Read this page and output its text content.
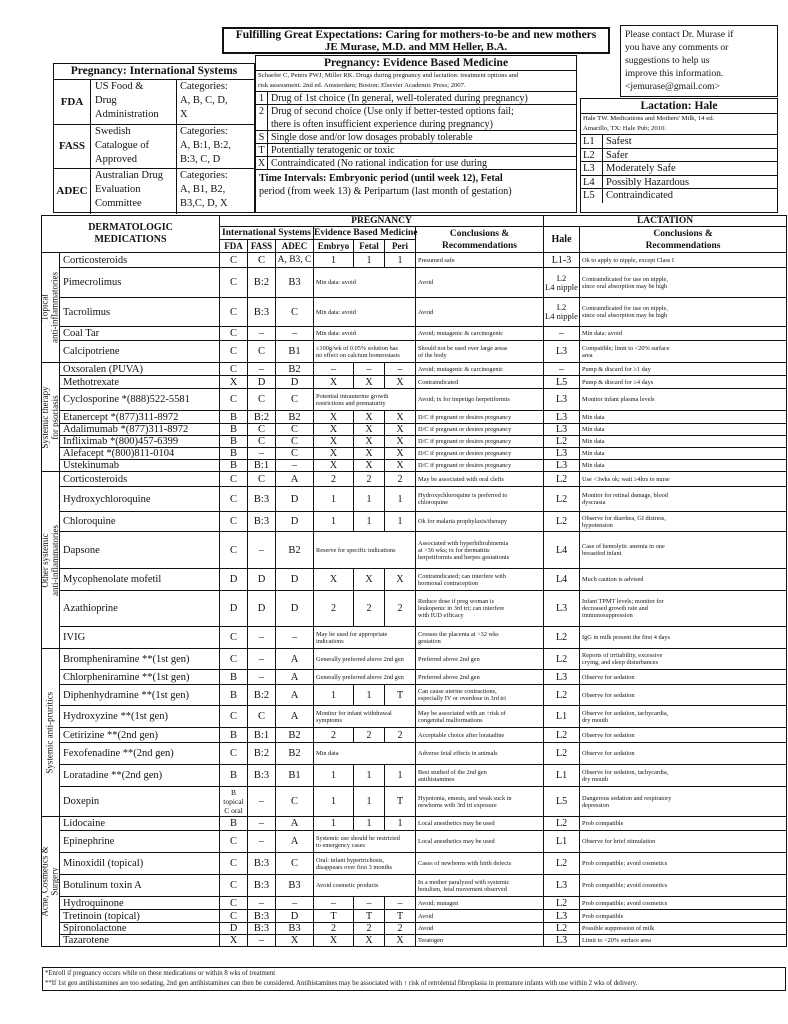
Fulfilling Great Expectations: Caring for mothers-to-be and new mothers
JE Murase, M.D. and MM Heller, B.A.
Please contact Dr. Murase if
you have any comments or
suggestions to help us
improve this information.
<jemurase@gmail.com>
Pregnancy: International Systems
FDA
US Food &
Drug
Administration
Categories:
A, B, C, D,
X
FASS
Swedish
Catalogue of
Approved
Categories:
A, B:1, B:2,
B:3, C, D
ADEC
Australian Drug
Evaluation
Committee
Categories:
A, B1, B2,
B3,C, D, X
Pregnancy: Evidence Based Medicine
Schaefer C, Peters PWJ, Miller RK. Drugs during pregnancy and lactation: treatment options and
risk assessment. 2nd ed. Amsterdam; Boston: Elsevier Academic Press; 2007.
1 Drug of 1st choice (In general, well-tolerated during pregnancy)
2 Drug of second choice (Use only if better-tested options fail;
there is often insufficient experience during pregnancy)
S Single dose and/or low dosages probably tolerable
T Potentially teratogenic or toxic
X Contraindicated (No rational indication for use during
Time Intervals: Embryonic period (until week 12), Fetal
period (from week 13) & Peripartum (last month of gestation)
Lactation: Hale
Hale TW. Medications and Mothers' Milk, 14 ed.
Amarillo, TX: Hale Pub; 2010.
L1	Safest
L2	Safer
L3	Moderately Safe
L4	Possibly Hazardous
L5	Contraindicated
DERMATOLOGIC
MEDICATIONS		PREGNANCY							LACTATION	
		International Systems			Evidence Based Medicine			Conclusions &
Recommendations	Hale	Conclusions &
Recommendations
		FDA	FASS	ADEC	Embryo	Fetal	Peri			

Topical
anti-inflammatories	Corticosteroids	C	C	A, B3, C	1	1	1	Presumed safe	L1-3	Ok to apply to nipple, except Class I
	Pimecrolimus	C	B:2	B3	Min data: avoid			Avoid	L2
L4 nipple	Contraindicated for use on nipple,
since oral absorption may be high
	Tacrolimus	C	B:3	C	Min data: avoid			Avoid	L2
L4 nipple	Contraindicated for use on nipple,
since oral absorption may be high
	Coal Tar	C	–	–	Min data: avoid			Avoid; mutagenic & carcinogenic	–	Min data: avoid
	Calcipotriene	C	C	B1	≤100g/wk of 0.05% solution has
no effect on calcium homeostasis			Should not be used over large areas
of the body	L3	Compatible; limit to <20% surface
area

Systemic therapy
for psoriasis	Oxsoralen (PUVA)	C	–	B2	–	–	–	Avoid; mutagenic & carcinogenic	–	Pump & discard for ≥1 day
	Methotrexate	X	D	D	X	X	X	Contraindicated	L5	Pump & discard for ≥4 days
	Cyclosporine *(888)522-5581	C	C	C	Potential intrauterine growth
restrictions and prematurity			Avoid; tx for impetigo herpetiformis	L3	Monitor infant plasma levels
	Etanercept *(877)311-8972	B	B:2	B2	X	X	X	D/C if pregnant or desires pregnancy	L3	Min data
	Adalimumab *(877)311-8972	B	C	C	X	X	X	D/C if pregnant or desires pregnancy	L3	Min data
	Infliximab *(800)457-6399	B	C	C	X	X	X	D/C if pregnant or desires pregnancy	L2	Min data
	Alefacept *(800)811-0104	B	–	C	X	X	X	D/C if pregnant or desires pregnancy	L3	Min data
	Ustekinumab	B	B:1	–	X	X	X	D/C if pregnant or desires pregnancy	L3	Min data

Other systemic
anti-inflammatories	Corticosteroids	C	C	A	2	2	2	May be associated with oral clefts	L2	Use <3wks ok; wait ≥4hrs to nurse
	Hydroxychloroquine	C	B:3	D	1	1	1	Hydroxychloroquine is preferred to
chloroquine	L2	Monitor for retinal damage, blood
dyscrasia
	Chloroquine	C	B:3	D	1	1	1	Ok for malaria prophylaxis/therapy	L2	Observe for diarrhea, GI distress,
hypotension
	Dapsone	C	–	B2	Reserve for specific indications			Associated with hyperbilirubinemia
at >36 wks; tx for dermatitis
herpetiformis and herpes gestationis	L4	Case of hemolytic anemia in one
breastfed infant
	Mycophenolate mofetil	D	D	D	X	X	X	Contraindicated; can interfere with
hormonal contraception	L4	Much caution is advised
	Azathioprine	D	D	D	2	2	2	Reduce dose if preg woman is
leukopenic in 3rd tri; can interfere
with IUD efficacy	L3	Infant TPMT levels; monitor for
decreased growth rate and
immunosuppression
	IVIG	C	–	–	May be used for appropriate
indications			Crosses the placenta at >32 wks
gestation	L2	IgG in milk present the first 4 days

Systemic anti-pruritics	Brompheniramine **(1st gen)	C	–	A	Generally preferred above 2nd gen			Preferred above 2nd gen	L2	Reports of irritability, excessive
crying, and sleep disturbances
	Chlorpheniramine **(1st gen)	B	–	A	Generally preferred above 2nd gen			Preferred above 2nd gen	L3	Observe for sedation
	Diphenhydramine **(1st gen)	B	B:2	A	1	1	T	Can cause uterine contractions,
especially IV or overdose in 3rd tri	L2	Observe for sedation
	Hydroxyzine **(1st gen)	C	C	A	Monitor for infant withdrawal
symptoms			May be associated with an ↑risk of
congenital malformations	L1	Observe for sedation, tachycardia,
dry mouth
	Cetirizine **(2nd gen)	B	B:1	B2	2	2	2	Acceptable choice after loratadine	L2	Observe for sedation
	Fexofenadine **(2nd gen)	C	B:2	B2	Min data			Adverse fetal effects in animals	L2	Observe for sedation
	Loratadine **(2nd gen)	B	B:3	B1	1	1	1	Best studied of the 2nd gen
antihistamines	L1	Observe for sedation, tachycardia,
dry mouth
	Doxepin	B topical
C oral	–	C	1	1	T	Hypotonia, emesis, and weak suck in
newborns with 3rd tri exposure	L5	Dangerous sedation and respiratory
depression

Acne, Cosmetics &
Surgery	Lidocaine	B	–	A	1	1	1	Local anesthetics may be used	L2	Prob compatible
	Epinephrine	C	–	A	Systemic use should be restricted
to emergency cases			Local anesthetics may be used	L1	Observe for brief stimulation
	Minoxidil (topical)	C	B:3	C	Oral: infant hypertrichosis,
disappears over first 3 months			Cases of newborns with birth defects	L2	Prob compatible; avoid cosmetics
	Botulinum toxin A	C	B:3	B3	Avoid cosmetic products			In a mother paralyzed with systemic
botulism, fetal movement observed	L3	Prob compatible; avoid cosmetics
	Hydroquinone	C	–	–	–	–	–	Avoid; mutagen	L2	Prob compatible; avoid cosmetics
	Tretinoin (topical)	C	B:3	D	T	T	T	Avoid	L3	Prob compatible
	Spironolactone	D	B:3	B3	2	2	2	Avoid	L2	Possible suppression of milk
	Tazarotene	X	–	X	X	X	X	Teratogen	L3	Limit to <20% surface area
*Enroll if pregnancy occurs while on these medications or within 8 wks of treatment
**If 1st gen antihistamines are too sedating, 2nd gen antihistamines can then be considered. Antihistamines may be associated with ↑ risk of retrolental fibroplasia in premature infants with use within 2 wks of delivery.
